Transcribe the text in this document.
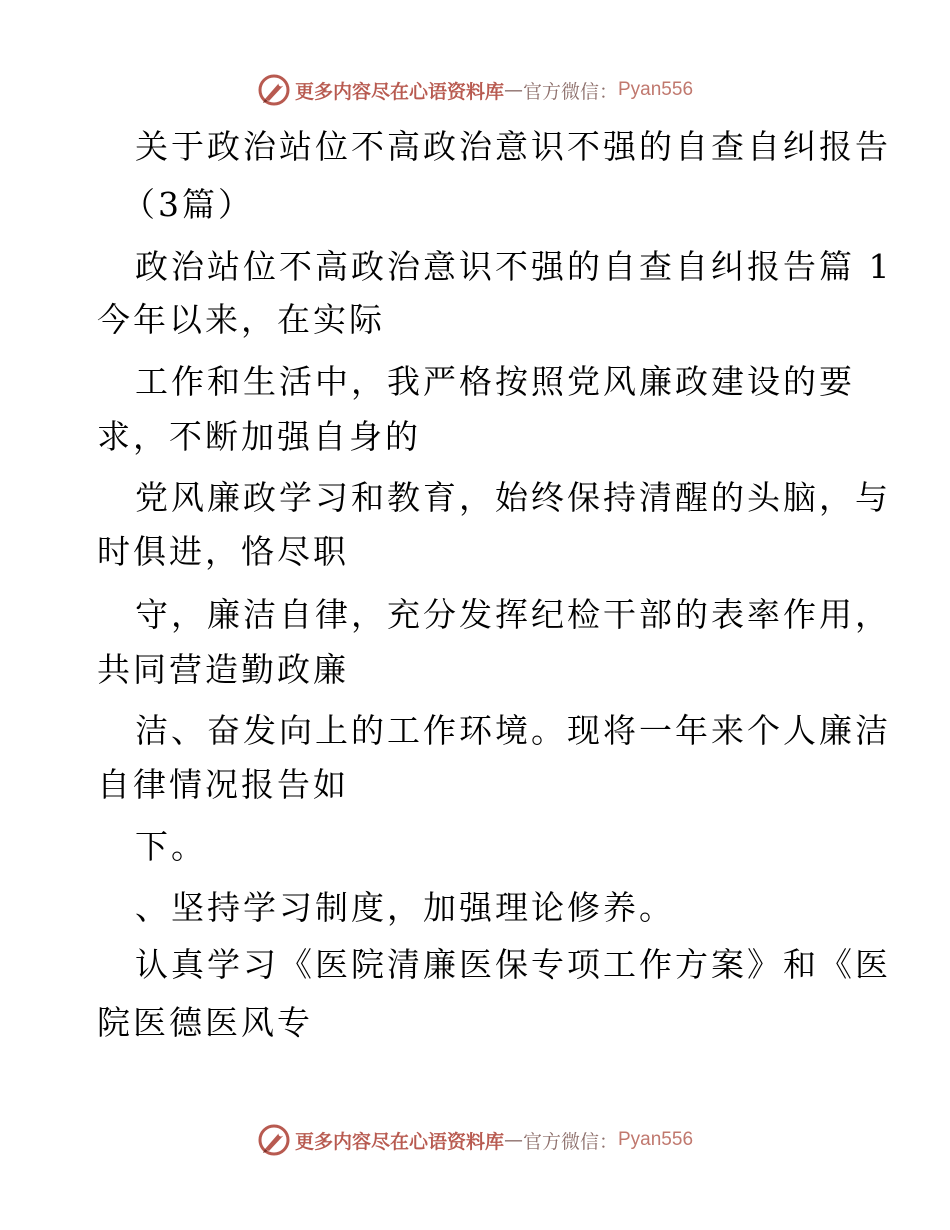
更多内容尽在心语资料库 — 官方微信： Pyan556
关于政治站位不高政治意识不强的自查自纠报告
（3篇）
政治站位不高政治意识不强的自查自纠报告篇 1
今年以来，在实际
工作和生活中，我严格按照党风廉政建设的要
求，不断加强自身的
党风廉政学习和教育，始终保持清醒的头脑，与
时俱进，恪尽职
守，廉洁自律，充分发挥纪检干部的表率作用，
共同营造勤政廉
洁、奋发向上的工作环境。现将一年来个人廉洁
自律情况报告如
下。
、坚持学习制度，加强理论修养。
认真学习《医院清廉医保专项工作方案》和《医
院医德医风专
更多内容尽在心语资料库 — 官方微信： Pyan556
